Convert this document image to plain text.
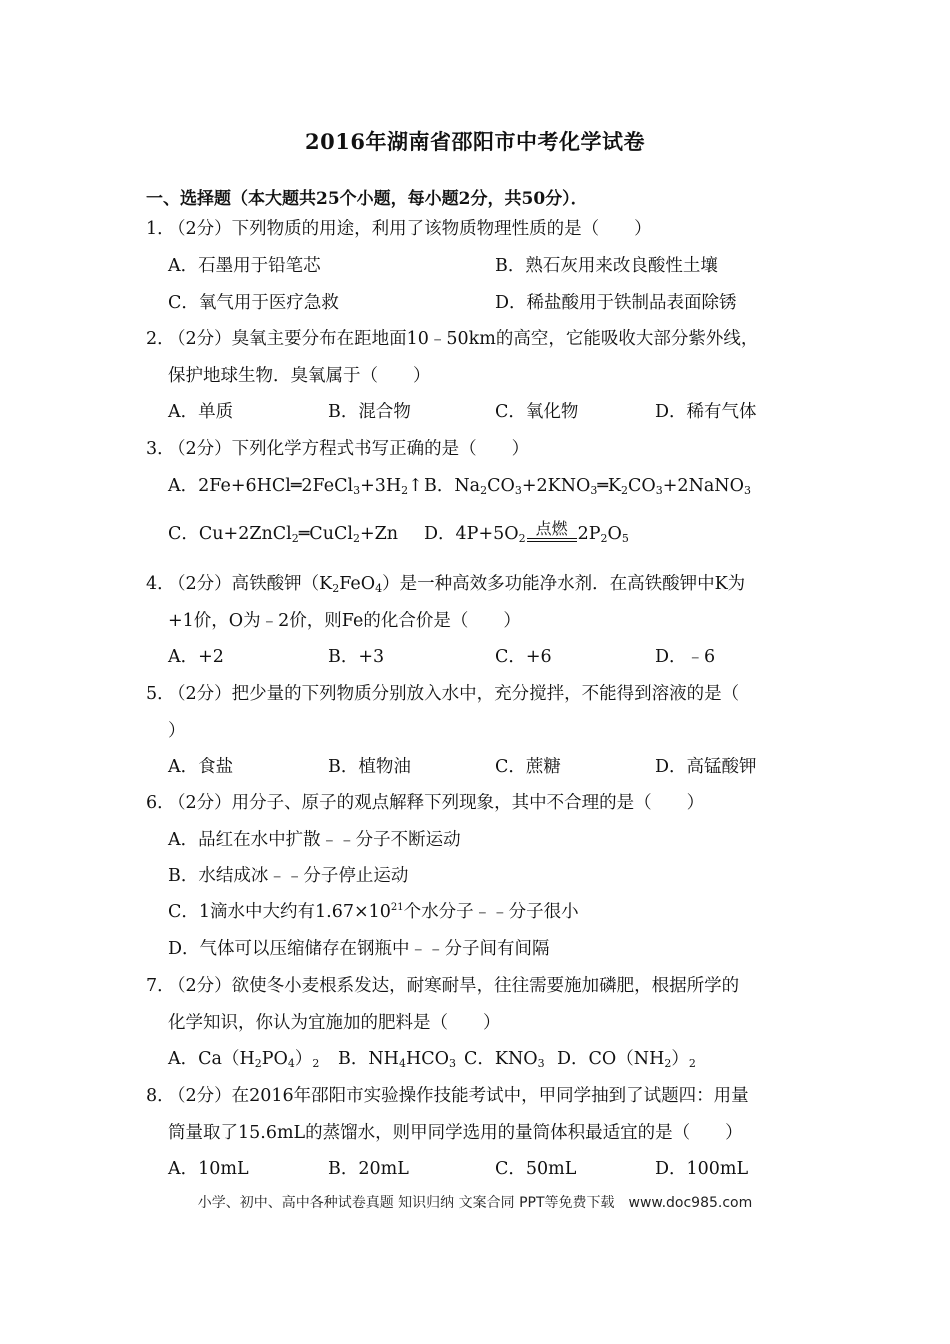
2016年湖南省邵阳市中考化学试卷
一、选择题（本大题共25个小题，每小题2分，共50分）．
1．
（2分）下列物质的用途，利用了该物质物理性质的是（　　）
A．石墨用于铅笔芯	B．熟石灰用来改良酸性土壤
C．氧气用于医疗急救	D．稀盐酸用于铁制品表面除锈
2．
（2分）臭氧主要分布在距地面10﹣50km的高空，它能吸收大部分紫外线，
保护地球生物．臭氧属于（　　）
A．单质	B．混合物	C．氧化物	D．稀有气体
3．
（2分）下列化学方程式书写正确的是（　　）
A．$2Fe+6HCl═2FeCl_3+3H_2↑$ B．$Na_2CO_3+2KNO_3═K_2CO_3+2NaNO_3$
C．Cu+2ZnCl$_2$═CuCl$_2$+Zn D．$4P+5O_2$
点燃 $2P_2O_5$
4．
（2分）高铁酸钾$(K_2FeO_4)$是一种高效多功能净水剂．在高铁酸钾中K为
+1价，O为﹣2价，则Fe的化合价是（　　）
A．+2	B．+3	C．+6	D．﹣6
5．
（2分）把少量的下列物质分别放入水中，充分搅拌，不能得到溶液的是（
）
A．食盐	B．植物油	C．蔗糖	D．高锰酸钾
6．
（2分）用分子、原子的观点解释下列现象，其中不合理的是（　　）
A．品红在水中扩散﹣﹣分子不断运动
B．水结成冰﹣﹣分子停止运动
C．1滴水中大约有$1.67\times 10^{21}$个水分子﹣﹣分子很小
D．气体可以压缩储存在钢瓶中﹣﹣分子间有间隔
7．
（2分）欲使冬小麦根系发达，耐寒耐旱，往往需要施加磷肥，根据所学的
化学知识，你认为宜施加的肥料是（　　）
A．$Ca(H_2PO_4)_2$ B．$NH_4HCO_3$ C．$KNO_3$ D．$CO(NH_2)_2$
8．
（2分）在2016年邵阳市实验操作技能考试中，甲同学抽到了试题四：用量
筒量取了15.6mL的蒸馏水，则甲同学选用的量筒体积最适宜的是（　　）
A．10mL	B．20mL	C．50mL	D．100mL
小学、初中、高中各种试卷真题 知识归纳 文案合同 PPT等免费下载　www.doc985.com
